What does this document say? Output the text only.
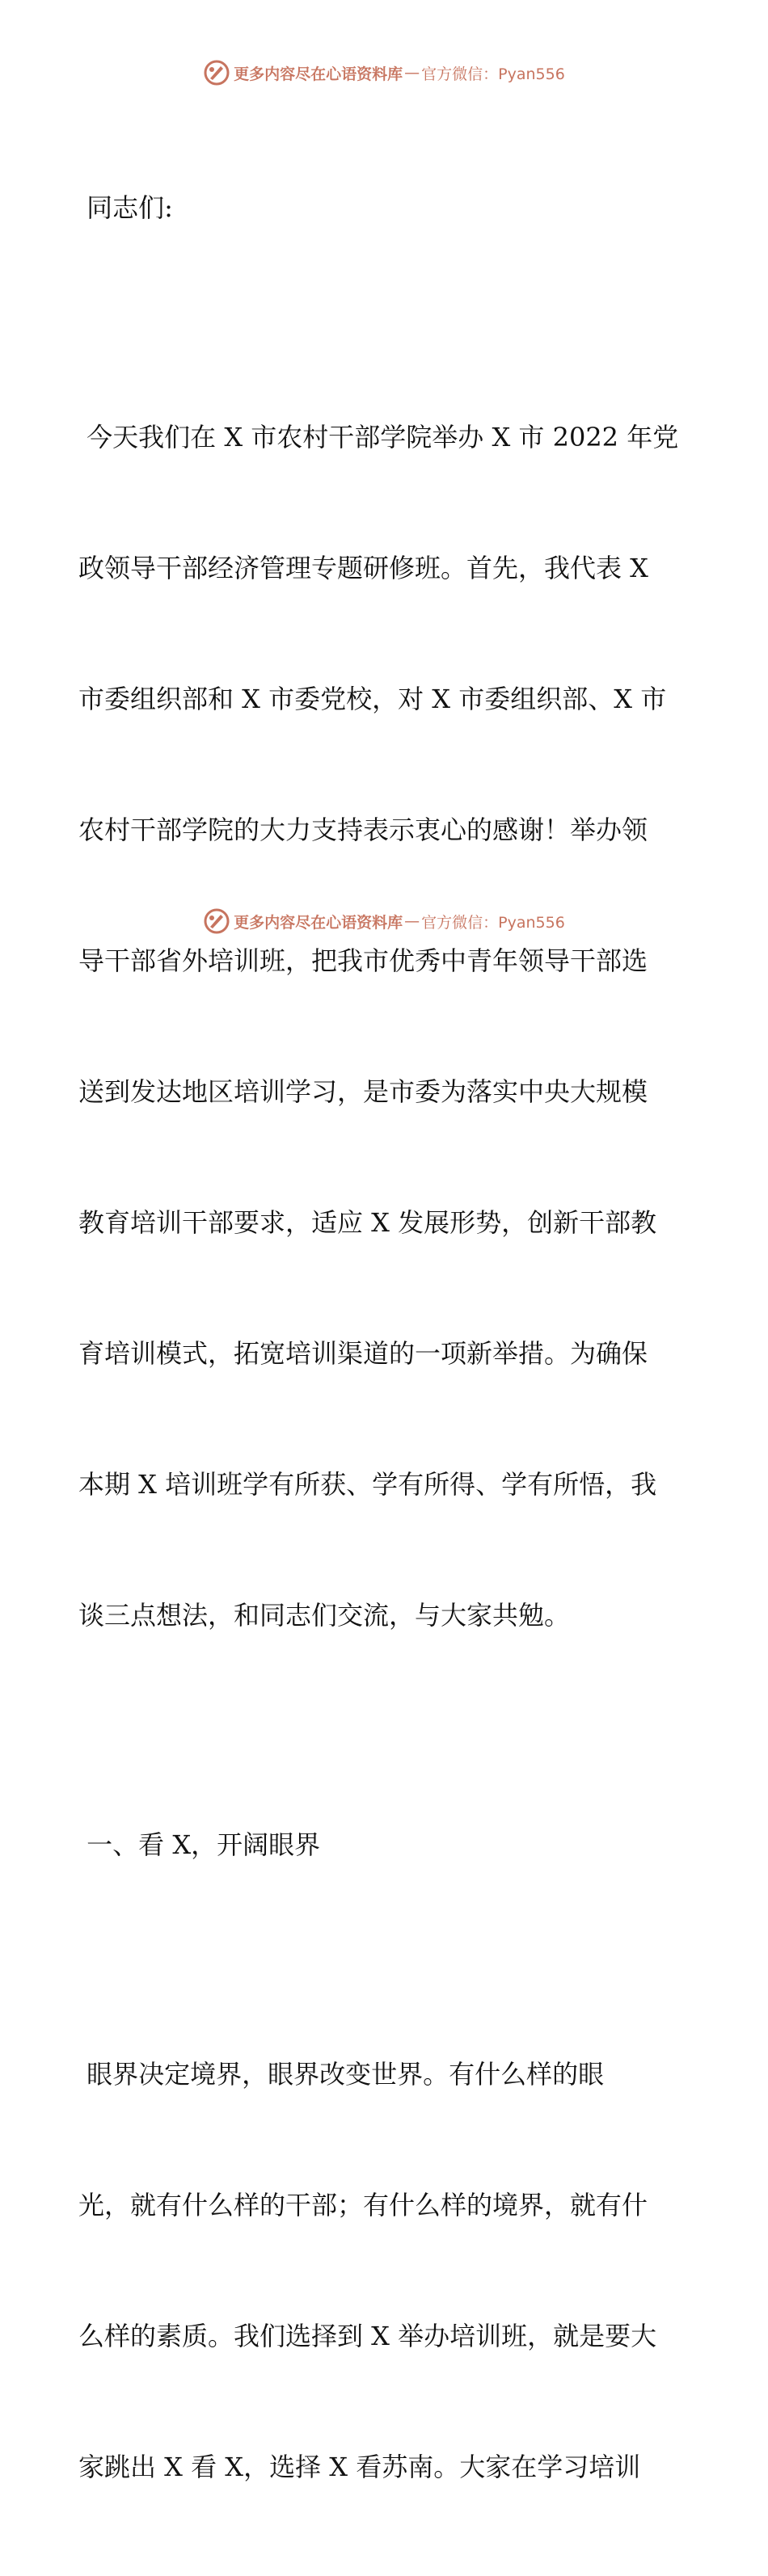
更多内容尽在心语资料库 — 官方微信：Pyan556

同志们:

今天我们在 X 市农村干部学院举办 X 市 2022 年党

政领导干部经济管理专题研修班。首先，我代表 X

市委组织部和 X 市委党校，对 X 市委组织部、X 市

农村干部学院的大力支持表示衷心的感谢！举办领

导干部省外培训班，把我市优秀中青年领导干部选

送到发达地区培训学习，是市委为落实中央大规模

教育培训干部要求，适应 X 发展形势，创新干部教

育培训模式，拓宽培训渠道的一项新举措。为确保

本期 X 培训班学有所获、学有所得、学有所悟，我

谈三点想法，和同志们交流，与大家共勉。

一、看 X，开阔眼界

眼界决定境界，眼界改变世界。有什么样的眼

光，就有什么样的干部；有什么样的境界，就有什

么样的素质。我们选择到 X 举办培训班，就是要大

家跳出 X 看 X，选择 X 看苏南。大家在学习培训

更多内容尽在心语资料库 — 官方微信：Pyan556
